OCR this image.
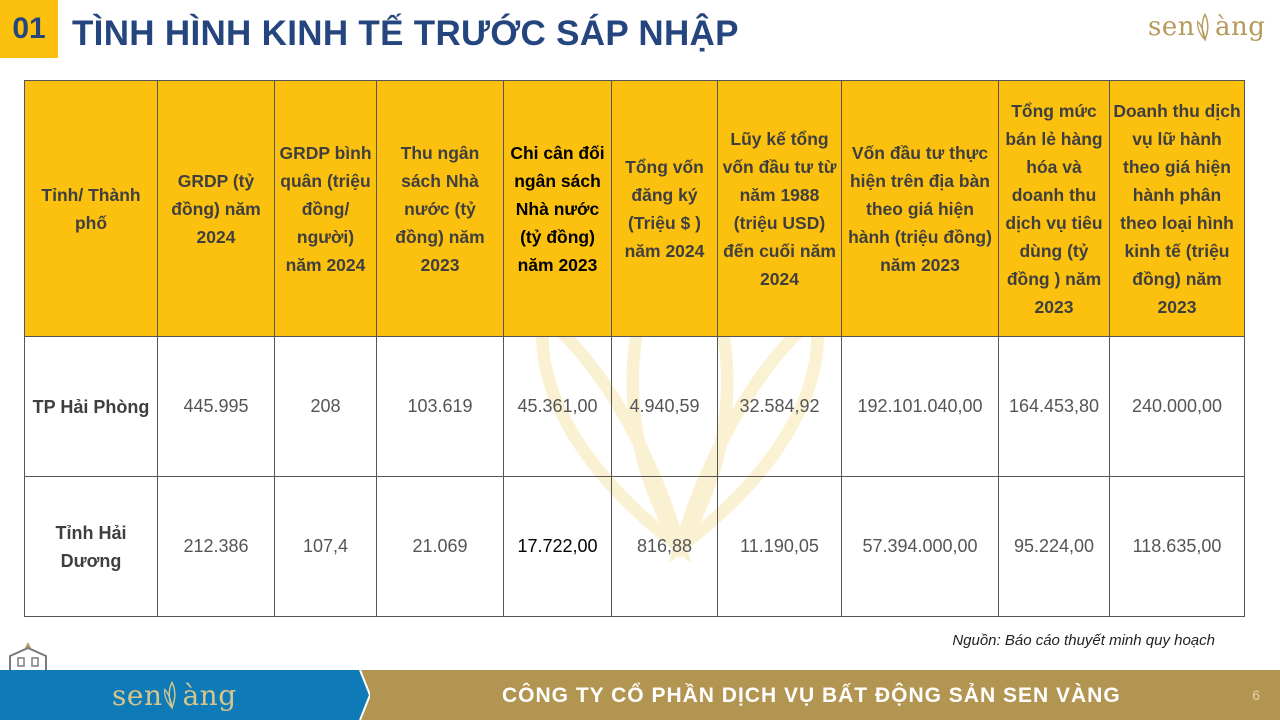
01 TÌNH HÌNH KINH TẾ TRƯỚC SÁP NHẬP	sen àng
Tỉnh/ Thành phố	GRDP (tỷ đồng) năm 2024	GRDP bình quân (triệu đồng/ người) năm 2024	Thu ngân sách Nhà nước (tỷ đồng) năm 2023	Chi cân đối ngân sách Nhà nước (tỷ đồng) năm 2023	Tổng vốn đăng ký (Triệu $ ) năm 2024	Lũy kế tổng vốn đầu tư từ năm 1988 (triệu USD) đến cuối năm 2024	Vốn đầu tư thực hiện trên địa bàn theo giá hiện hành (triệu đồng) năm 2023	Tổng mức bán lẻ hàng hóa và doanh thu dịch vụ tiêu dùng (tỷ đồng ) năm 2023	Doanh thu dịch vụ lữ hành theo giá hiện hành phân theo loại hình kinh tế (triệu đồng) năm 2023
TP Hải Phòng	445.995	208	103.619	45.361,00	4.940,59	32.584,92	192.101.040,00	164.453,80	240.000,00
Tỉnh Hải Dương	212.386	107,4	21.069	17.722,00	816,88	11.190,05	57.394.000,00	95.224,00	118.635,00
Nguồn: Báo cáo thuyết minh quy hoạch
sen àng	CÔNG TY CỔ PHẦN DỊCH VỤ BẤT ĐỘNG SẢN SEN VÀNG	6
